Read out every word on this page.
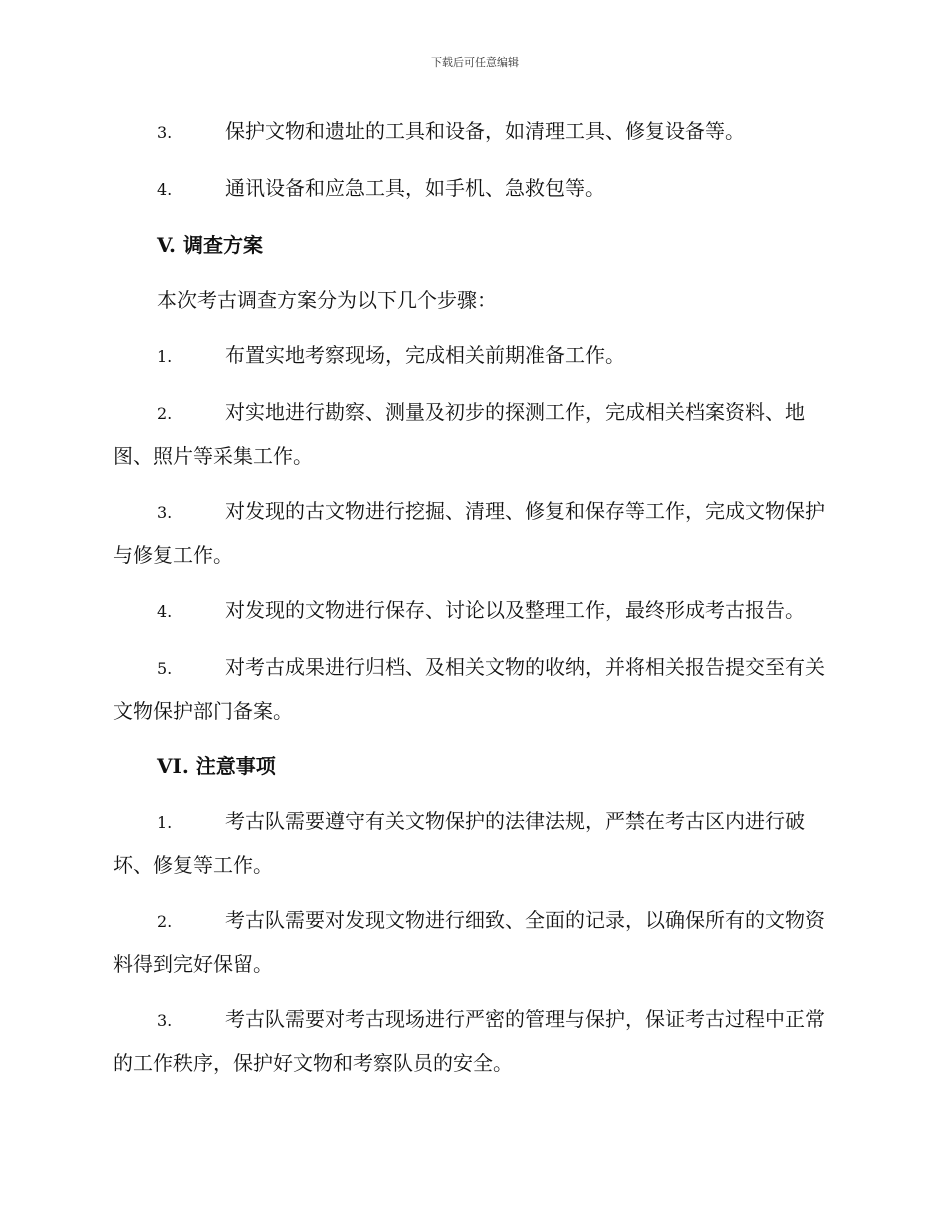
下载后可任意编辑

3.	保护文物和遗址的工具和设备，如清理工具、修复设备等。

4.	通讯设备和应急工具，如手机、急救包等。

V. 调查方案

本次考古调查方案分为以下几个步骤：

1.	布置实地考察现场，完成相关前期准备工作。

2.	对实地进行勘察、测量及初步的探测工作，完成相关档案资料、地图、照片等采集工作。

3.	对发现的古文物进行挖掘、清理、修复和保存等工作，完成文物保护与修复工作。

4.	对发现的文物进行保存、讨论以及整理工作，最终形成考古报告。

5.	对考古成果进行归档、及相关文物的收纳，并将相关报告提交至有关文物保护部门备案。

VI. 注意事项

1.	考古队需要遵守有关文物保护的法律法规，严禁在考古区内进行破坏、修复等工作。

2.	考古队需要对发现文物进行细致、全面的记录，以确保所有的文物资料得到完好保留。

3.	考古队需要对考古现场进行严密的管理与保护，保证考古过程中正常的工作秩序，保护好文物和考察队员的安全。
